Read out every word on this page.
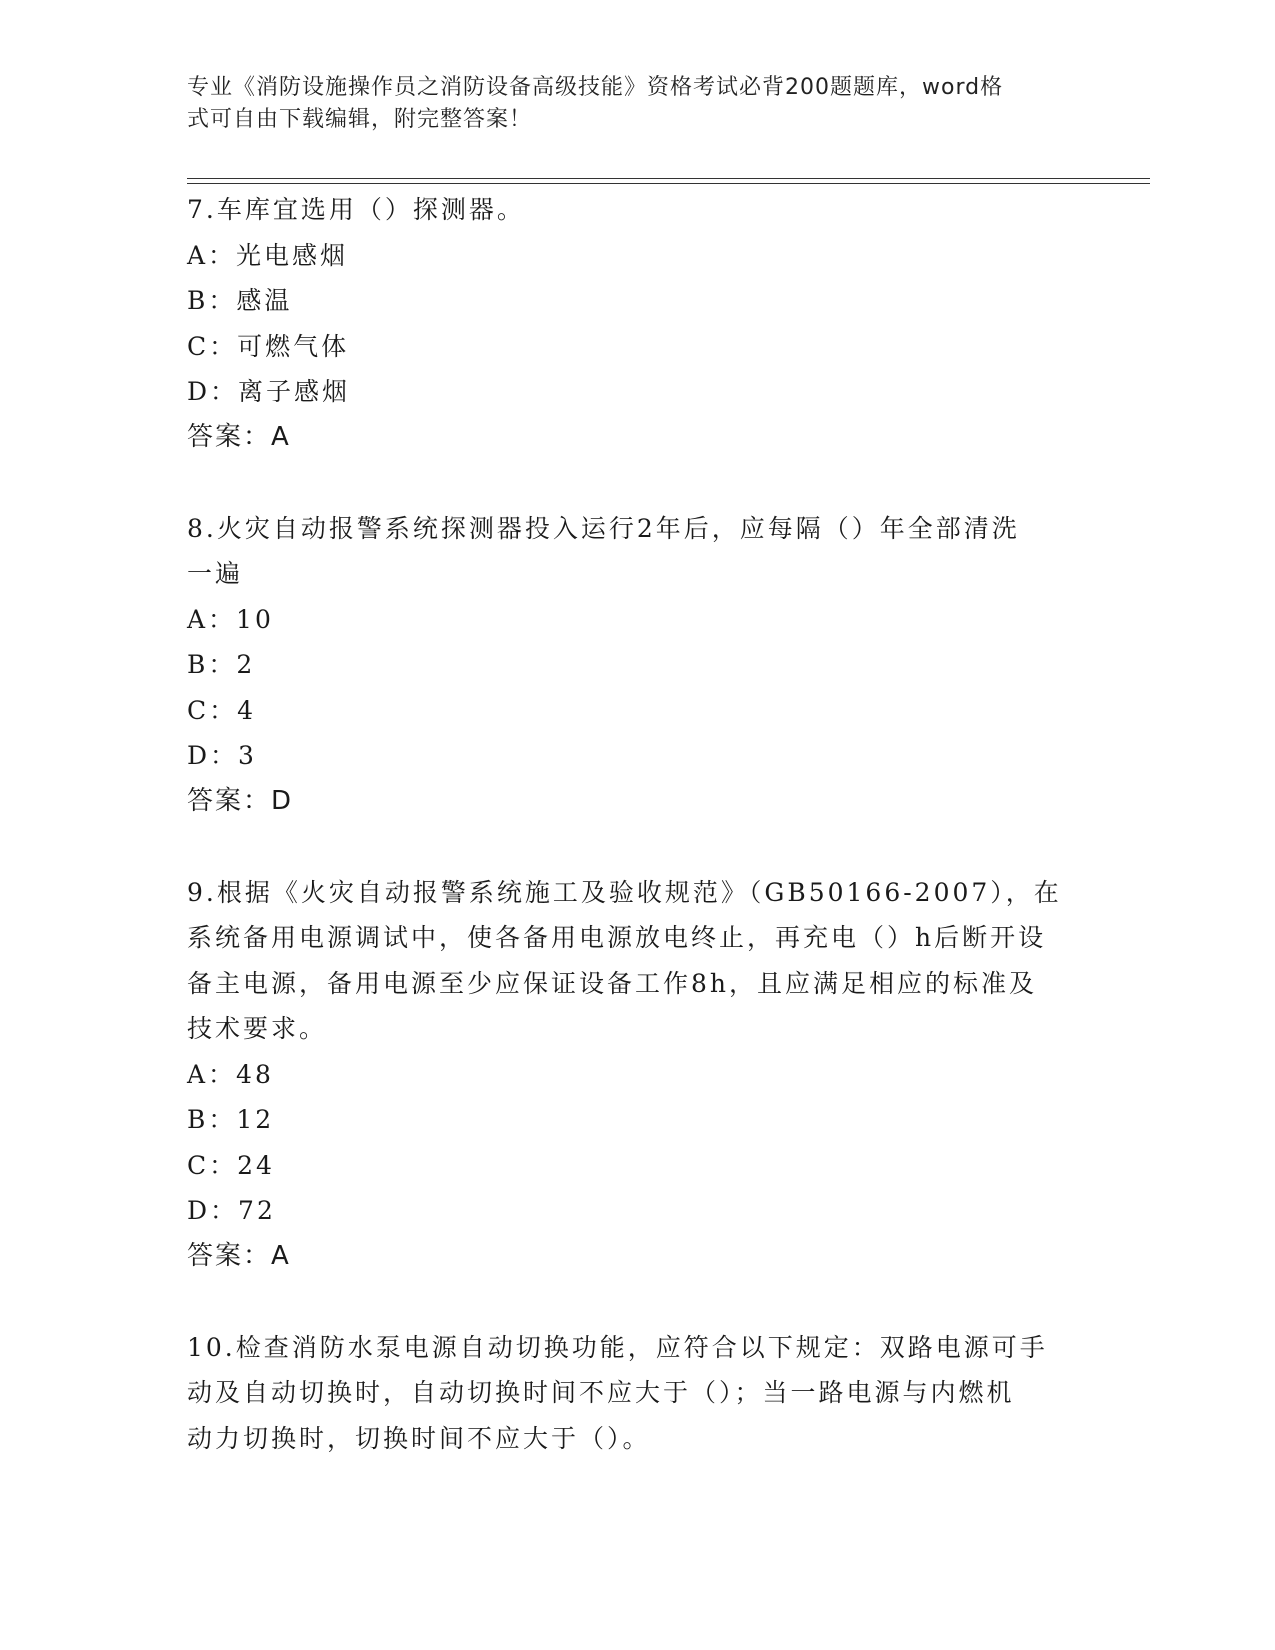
专业《消防设施操作员之消防设备高级技能》资格考试必背200题题库，word格
式可自由下载编辑，附完整答案！
7.车库宜选用（）探测器。
A：光电感烟
B：感温
C：可燃气体
D：离子感烟
答案：A
8.火灾自动报警系统探测器投入运行2年后，应每隔（）年全部清洗
一遍
A：10
B：2
C：4
D：3
答案：D
9.根据《火灾自动报警系统施工及验收规范》（GB50166-2007），在
系统备用电源调试中，使各备用电源放电终止，再充电（）h后断开设
备主电源，备用电源至少应保证设备工作8h，且应满足相应的标准及
技术要求。
A：48
B：12
C：24
D：72
答案：A
10.检查消防水泵电源自动切换功能，应符合以下规定：双路电源可手
动及自动切换时，自动切换时间不应大于（）；当一路电源与内燃机
动力切换时，切换时间不应大于（）。
